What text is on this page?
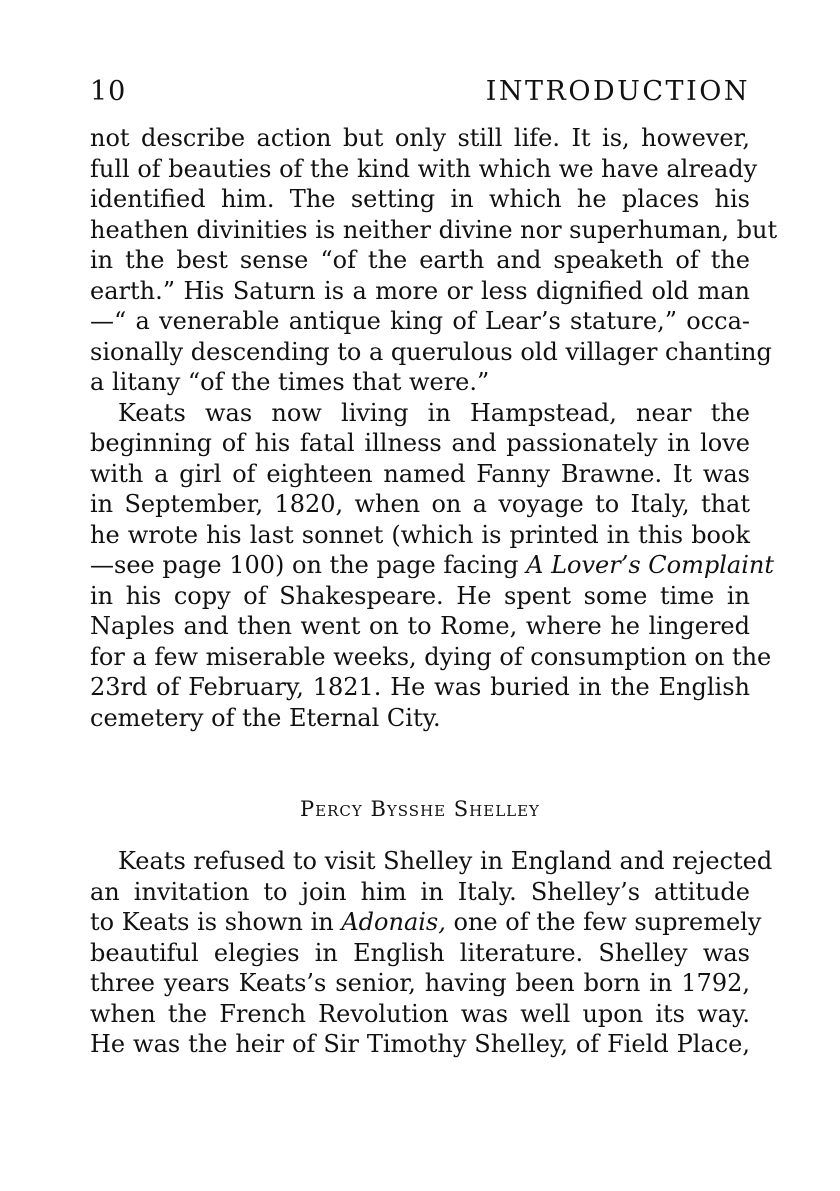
10	INTRODUCTION
not describe action but only still life. It is, however,
full of beauties of the kind with which we have already
identified him. The setting in which he places his
heathen divinities is neither divine nor superhuman, but
in the best sense “of the earth and speaketh of the
earth.” His Saturn is a more or less dignified old man
—“ a venerable antique king of Lear’s stature,” occa-
sionally descending to a querulous old villager chanting
a litany “of the times that were.”
Keats was now living in Hampstead, near the
beginning of his fatal illness and passionately in love
with a girl of eighteen named Fanny Brawne. It was
in September, 1820, when on a voyage to Italy, that
he wrote his last sonnet (which is printed in this book
—see page 100) on the page facing A Lover’s Complaint
in his copy of Shakespeare. He spent some time in
Naples and then went on to Rome, where he lingered
for a few miserable weeks, dying of consumption on the
23rd of February, 1821. He was buried in the English
cemetery of the Eternal City.
Percy Bysshe Shelley
Keats refused to visit Shelley in England and rejected
an invitation to join him in Italy. Shelley’s attitude
to Keats is shown in Adonais, one of the few supremely
beautiful elegies in English literature. Shelley was
three years Keats’s senior, having been born in 1792,
when the French Revolution was well upon its way.
He was the heir of Sir Timothy Shelley, of Field Place,
